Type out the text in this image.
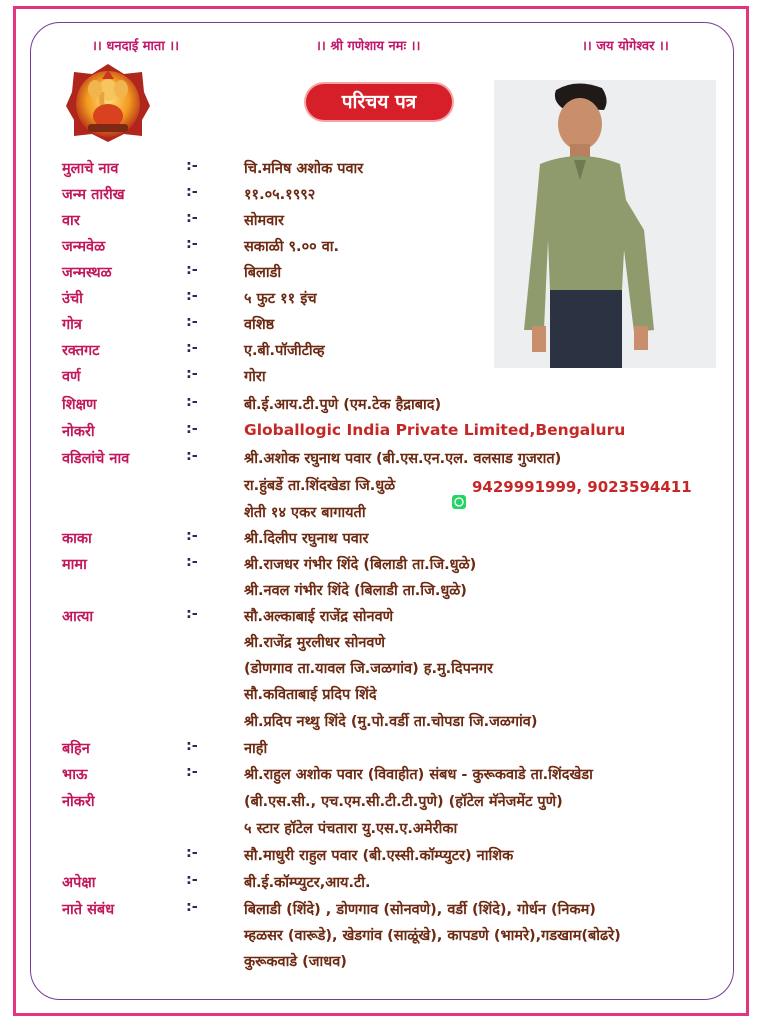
।। धनदाई माता ।।	।। श्री गणेशाय नमः ।।	।। जय योगेश्वर ।।
परिचय पत्र
मुलाचे नाव	:-	चि.मनिष अशोक पवार
जन्म तारीख	:-	११.०५.१९९२
वार	:-	सोमवार
जन्मवेळ	:-	सकाळी ९.०० वा.
जन्मस्थळ	:-	बिलाडी
उंची	:-	५ फुट ११ इंच
गोत्र	:-	वशिष्ठ
रक्तगट	:-	ए.बी.पॉजीटीव्ह
वर्ण	:-	गोरा
शिक्षण	:-	बी.ई.आय.टी.पुणे (एम.टेक हैद्राबाद)
नोकरी	:-	Globallogic India Private Limited,Bengaluru
वडिलांचे नाव	:-	श्री.अशोक रघुनाथ पवार (बी.एस.एन.एल. वलसाड गुजरात)
रा.हुंबर्डे ता.शिंदखेडा जि.धुळे
शेती १४ एकर बागायती
काका	:-	श्री.दिलीप रघुनाथ पवार
मामा	:-	श्री.राजधर गंभीर शिंदे (बिलाडी ता.जि.धुळे)
श्री.नवल गंभीर शिंदे (बिलाडी ता.जि.धुळे)
आत्या	:-	सौ.अल्काबाई राजेंद्र सोनवणे
श्री.राजेंद्र मुरलीधर सोनवणे
(डोणगाव ता.यावल जि.जळगांव) ह.मु.दिपनगर
सौ.कविताबाई प्रदिप शिंदे
श्री.प्रदिप नथ्थु शिंदे (मु.पो.वर्डी ता.चोपडा जि.जळगांव)
बहिन	:-	नाही
भाऊ	:-	श्री.राहुल अशोक पवार (विवाहीत) संबध - कुरूकवाडे ता.शिंदखेडा
नोकरी	(बी.एस.सी., एच.एम.सी.टी.टी.पुणे) (हॉटेल मॅनेजमेंट पुणे)
५ स्टार हॉटेल पंचतारा यु.एस.ए.अमेरीका
:-	सौ.माधुरी राहुल पवार (बी.एस्सी.कॉम्प्युटर) नाशिक
अपेक्षा	:-	बी.ई.कॉम्प्युटर,आय.टी.
नाते संबंध	:-	बिलाडी (शिंदे) , डोणगाव (सोनवणे), वर्डी (शिंदे), गोर्धन (निकम)
म्हळसर (वारूडे), खेडगांव (साळूंखे), कापडणे (भामरे),गडखाम(बोढरे)
कुरूकवाडे (जाधव)
9429991999, 9023594411
